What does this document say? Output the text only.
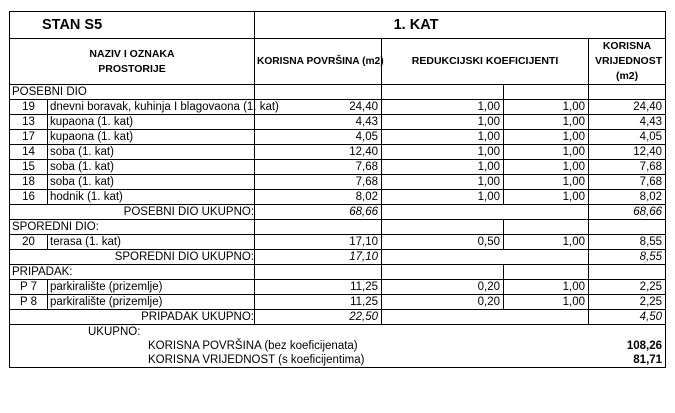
STAN S5		1. KAT			
NAZIV I OZNAKA PROSTORIJE		KORISNA POVRŠINA (m2)	REDUKCIJSKI KOEFICIJENTI		KORISNA VRIJEDNOST (m2)
POSEBNI DIO					
19	dnevni boravak, kuhinja I blagovaona (1. kat)	24,40	1,00	1,00	24,40
13	kupaona (1. kat)	4,43	1,00	1,00	4,43
17	kupaona (1. kat)	4,05	1,00	1,00	4,05
14	soba (1. kat)	12,40	1,00	1,00	12,40
15	soba (1. kat)	7,68	1,00	1,00	7,68
18	soba (1. kat)	7,68	1,00	1,00	7,68
16	hodnik (1. kat)	8,02	1,00	1,00	8,02
POSEBNI DIO UKUPNO:		68,66			68,66
SPOREDNI DIO:					
20	terasa (1. kat)	17,10	0,50	1,00	8,55
SPOREDNI DIO UKUPNO:		17,10			8,55
PRIPADAK:					
P 7	parkiralište (prizemlje)	11,25	0,20	1,00	2,25
P 8	parkiralište (prizemlje)	11,25	0,20	1,00	2,25
PRIPADAK UKUPNO:		22,50			4,50
UKUPNO:					
KORISNA POVRŠINA (bez koeficijenata)					108,26
KORISNA VRIJEDNOST (s koeficijentima)					81,71
